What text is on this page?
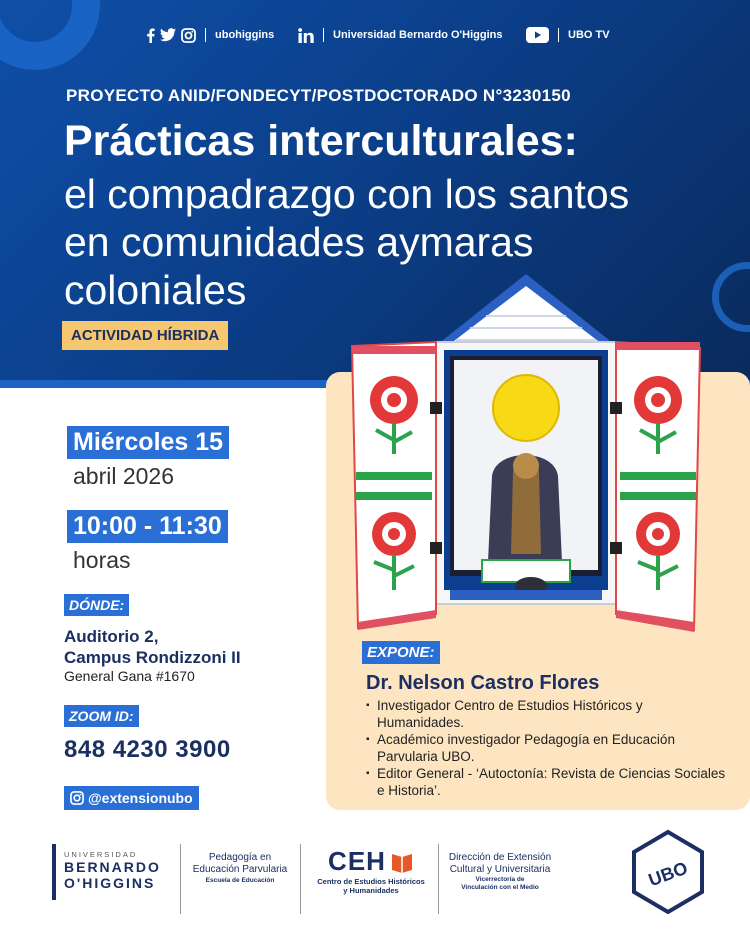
ubohiggins	Universidad Bernardo O'Higgins	UBO TV
PROYECTO ANID/FONDECYT/POSTDOCTORADO N°3230150
Prácticas interculturales:
el compadrazgo con los santos en comunidades aymaras coloniales
ACTIVIDAD HÍBRIDA
Miércoles 15
abril 2026
10:00 - 11:30
horas
DÓNDE:
Auditorio 2,
Campus Rondizzoni II
General Gana #1670
ZOOM ID:
848 4230 3900
@extensionubo
EXPONE:
Dr. Nelson Castro Flores
▪ Investigador Centro de Estudios Históricos y Humanidades.
▪ Académico investigador Pedagogía en Educación Parvularia UBO.
▪ Editor General - ‘Autoctonía: Revista de Ciencias Sociales e Historia’.
UNIVERSIDAD
BERNARDO
O'HIGGINS
Pedagogía en
Educación Parvularia
Escuela de Educación
CEH
Centro de Estudios Históricos
y Humanidades
Dirección de Extensión
Cultural y Universitaria
Vicerrectoría de
Vinculación con el Medio	UBO
